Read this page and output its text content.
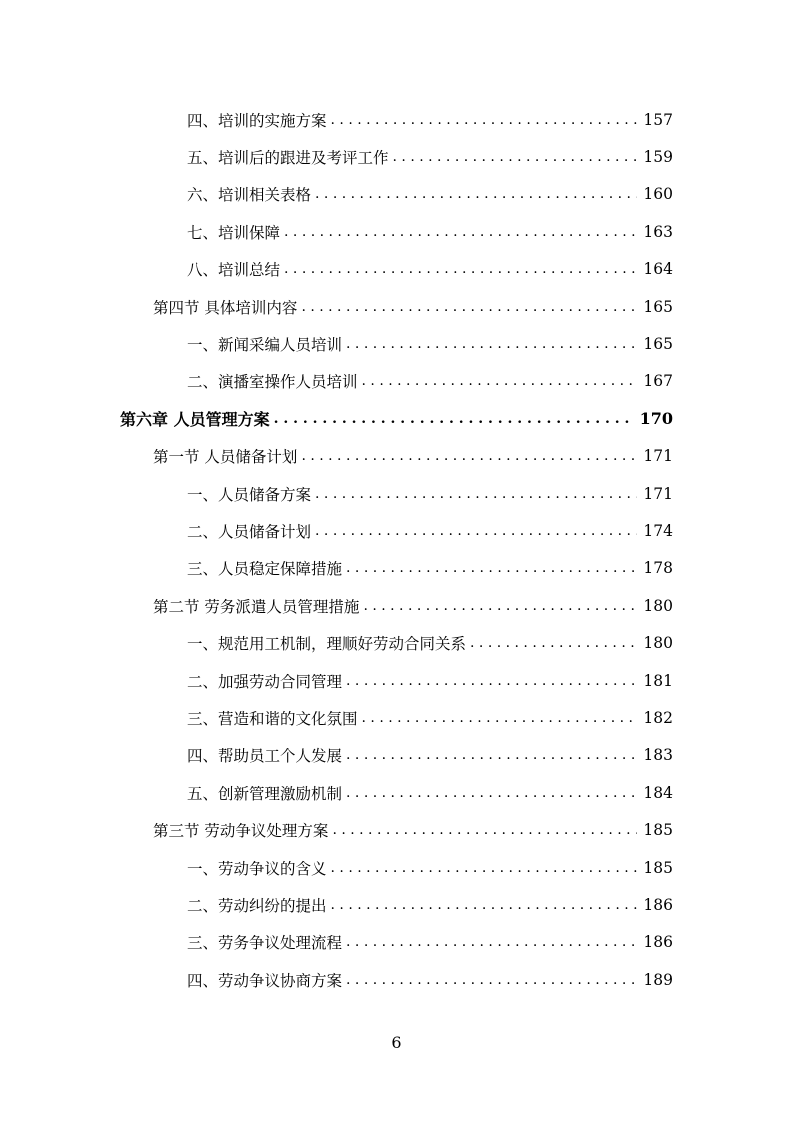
四、培训的实施方案 . . .	157
五、培训后的跟进及考评工作 . . .	159
六、培训相关表格 . . .	160
七、培训保障 . . .	163
八、培训总结 . . .	164
第四节 具体培训内容 . . .	165
一、新闻采编人员培训 . . .	165
二、演播室操作人员培训 . . .	167
第六章 人员管理方案 . . .	170
第一节 人员储备计划 . . .	171
一、人员储备方案 . . .	171
二、人员储备计划 . . .	174
三、人员稳定保障措施 . . .	178
第二节 劳务派遣人员管理措施 . . .	180
一、规范用工机制，理顺好劳动合同关系 . . .	180
二、加强劳动合同管理 . . .	181
三、营造和谐的文化氛围 . . .	182
四、帮助员工个人发展 . . .	183
五、创新管理激励机制 . . .	184
第三节 劳动争议处理方案 . . .	185
一、劳动争议的含义 . . .	185
二、劳动纠纷的提出 . . .	186
三、劳务争议处理流程 . . .	186
四、劳动争议协商方案 . . .	189
6
